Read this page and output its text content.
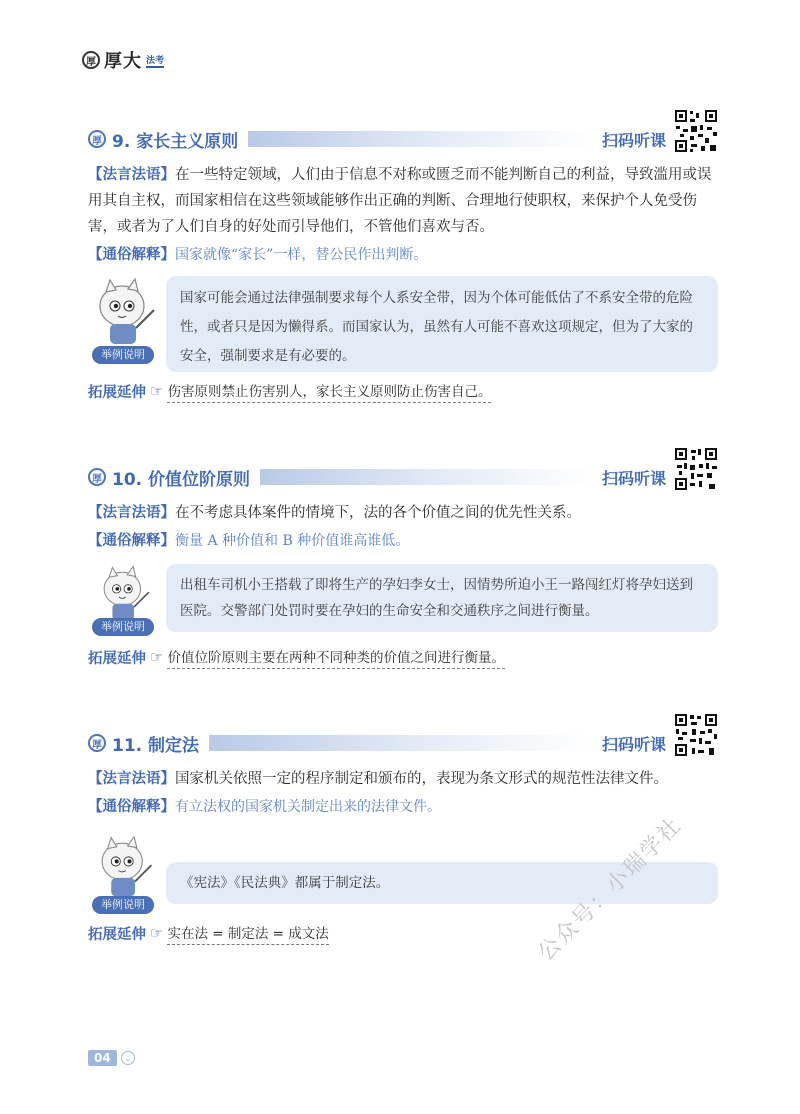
厚 厚大 法考
厚 9. 家长主义原则	扫码听课
【法言法语】在一些特定领域，人们由于信息不对称或匮乏而不能判断自己的利益，导致滥用或误用其自主权，而国家相信在这些领域能够作出正确的判断、合理地行使职权，来保护个人免受伤害，或者为了人们自身的好处而引导他们，不管他们喜欢与否。
【通俗解释】国家就像“家长”一样，替公民作出判断。
举例说明
国家可能会通过法律强制要求每个人系安全带，因为个体可能低估了不系安全带的危险性，或者只是因为懒得系。而国家认为，虽然有人可能不喜欢这项规定，但为了大家的安全，强制要求是有必要的。
拓展延伸 ☞ 伤害原则禁止伤害别人，家长主义原则防止伤害自己。
厚 10. 价值位阶原则	扫码听课
【法言法语】在不考虑具体案件的情境下，法的各个价值之间的优先性关系。
【通俗解释】衡量 A 种价值和 B 种价值谁高谁低。
举例说明
出租车司机小王搭载了即将生产的孕妇李女士，因情势所迫小王一路闯红灯将孕妇送到医院。交警部门处罚时要在孕妇的生命安全和交通秩序之间进行衡量。
拓展延伸 ☞ 价值位阶原则主要在两种不同种类的价值之间进行衡量。
厚 11. 制定法	扫码听课
【法言法语】国家机关依照一定的程序制定和颁布的，表现为条文形式的规范性法律文件。
【通俗解释】有立法权的国家机关制定出来的法律文件。
举例说明
《宪法》《民法典》都属于制定法。
拓展延伸 ☞ 实在法 = 制定法 = 成文法	公众号：小瑞学社
04	⌄
